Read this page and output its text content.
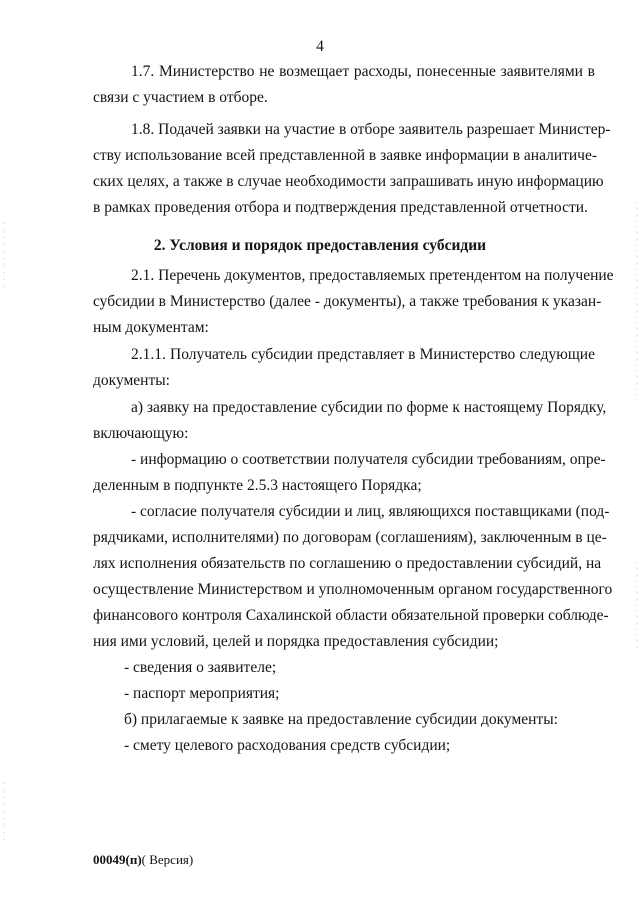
4
1.7. Министерство не возмещает расходы, понесенные заявителями в
связи с участием в отборе.
1.8. Подачей заявки на участие в отборе заявитель разрешает Министер-
ству использование всей представленной в заявке информации в аналитиче-
ских целях, а также в случае необходимости запрашивать иную информацию
в рамках проведения отбора и подтверждения представленной отчетности.
2. Условия и порядок предоставления субсидии
2.1. Перечень документов, предоставляемых претендентом на получение
субсидии в Министерство (далее - документы), а также требования к указан-
ным документам:
2.1.1. Получатель субсидии представляет в Министерство следующие
документы:
а) заявку на предоставление субсидии по форме к настоящему Порядку,
включающую:
- информацию о соответствии получателя субсидии требованиям, опре-
деленным в подпункте 2.5.3 настоящего Порядка;
- согласие получателя субсидии и лиц, являющихся поставщиками (под-
рядчиками, исполнителями) по договорам (соглашениям), заключенным в це-
лях исполнения обязательств по соглашению о предоставлении субсидий, на
осуществление Министерством и уполномоченным органом государственного
финансового контроля Сахалинской области обязательной проверки соблюде-
ния ими условий, целей и порядка предоставления субсидии;
- сведения о заявителе;
- паспорт мероприятия;
б) прилагаемые к заявке на предоставление субсидии документы:
- смету целевого расходования средств субсидии;
00049(п)( Версия)
